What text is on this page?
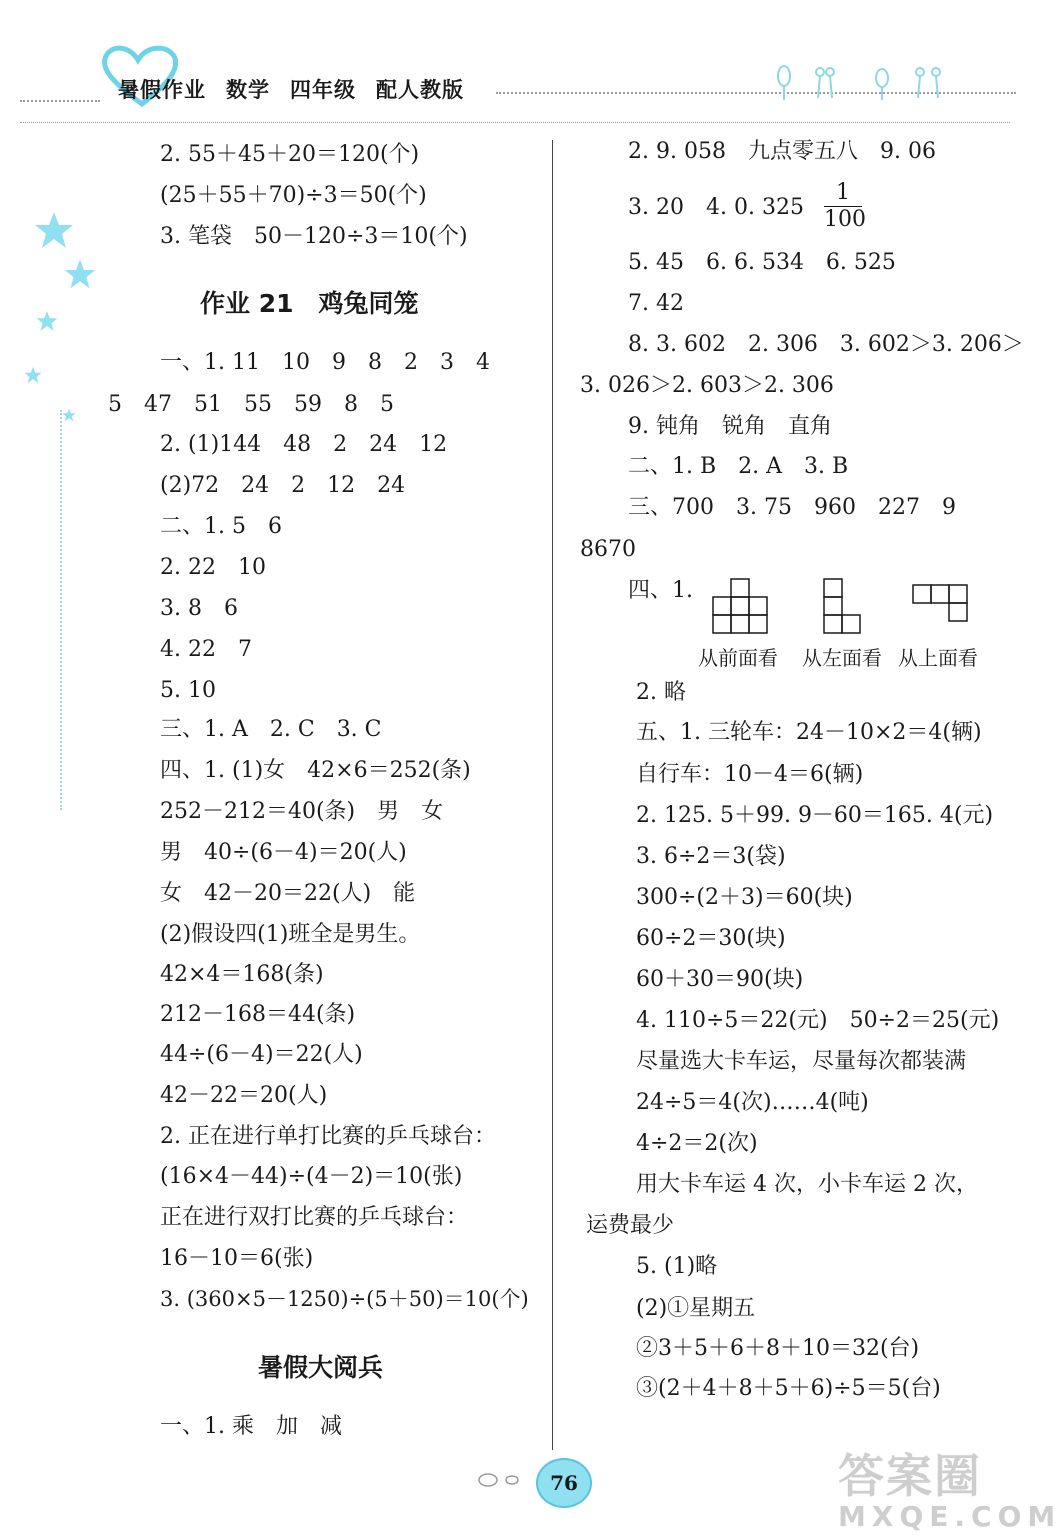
暑假作业 数学 四年级 配人教版
2. 55＋45＋20＝120(个)
(25＋55＋70)÷3＝50(个)
3. 笔袋　50－120÷3＝10(个)
作业 21　鸡兔同笼
一、1. 11　10　9　8　2　3　4
5　47　51　55　59　8　5
2. (1)144　48　2　24　12
(2)72　24　2　12　24
二、1. 5　6
2. 22　10
3. 8　6
4. 22　7
5. 10
三、1. A　2. C　3. C
四、1. (1)女　42×6＝252(条)
252－212＝40(条)　男　女
男　40÷(6－4)＝20(人)
女　42－20＝22(人)　能
(2)假设四(1)班全是男生。
42×4＝168(条)
212－168＝44(条)
44÷(6－4)＝22(人)
42－22＝20(人)
2. 正在进行单打比赛的乒乓球台：
(16×4－44)÷(4－2)＝10(张)
正在进行双打比赛的乒乓球台：
16－10＝6(张)
3. (360×5－1250)÷(5＋50)＝10(个)
暑假大阅兵
一、1. 乘　加　减
2. 9. 058　九点零五八　9. 06
3. 20　4. 0. $325 \frac{1}{100}$
5. 45　6. 6. 534　6. 525
7. 42
8. 3. 602　2. 306　3. 602＞3. 206＞
3. 026＞2. 603＞2. 306
9. 钝角　锐角　直角
二、1. B　2. A　3. B
三、700　3. 75　960　227　9
8670
四、1.
从前面看 从左面看 从上面看
2. 略
五、1. 三轮车：24－10×2＝4(辆)
自行车：10－4＝6(辆)
2. 125. 5＋99. 9－60＝165. 4(元)
3. 6÷2＝3(袋)
300÷(2＋3)＝60(块)
60÷2＝30(块)
60＋30＝90(块)
4. 110÷5＝22(元)　50÷2＝25(元)
尽量选大卡车运，尽量每次都装满
24÷5＝4(次)……4(吨)
4÷2＝2(次)
用大卡车运 4 次，小卡车运 2 次，
运费最少
5. (1)略
(2)①星期五
②3＋5＋6＋8＋10＝32(台)
③(2＋4＋8＋5＋6)÷5＝5(台)
76	答案圈
MXQE.COM
